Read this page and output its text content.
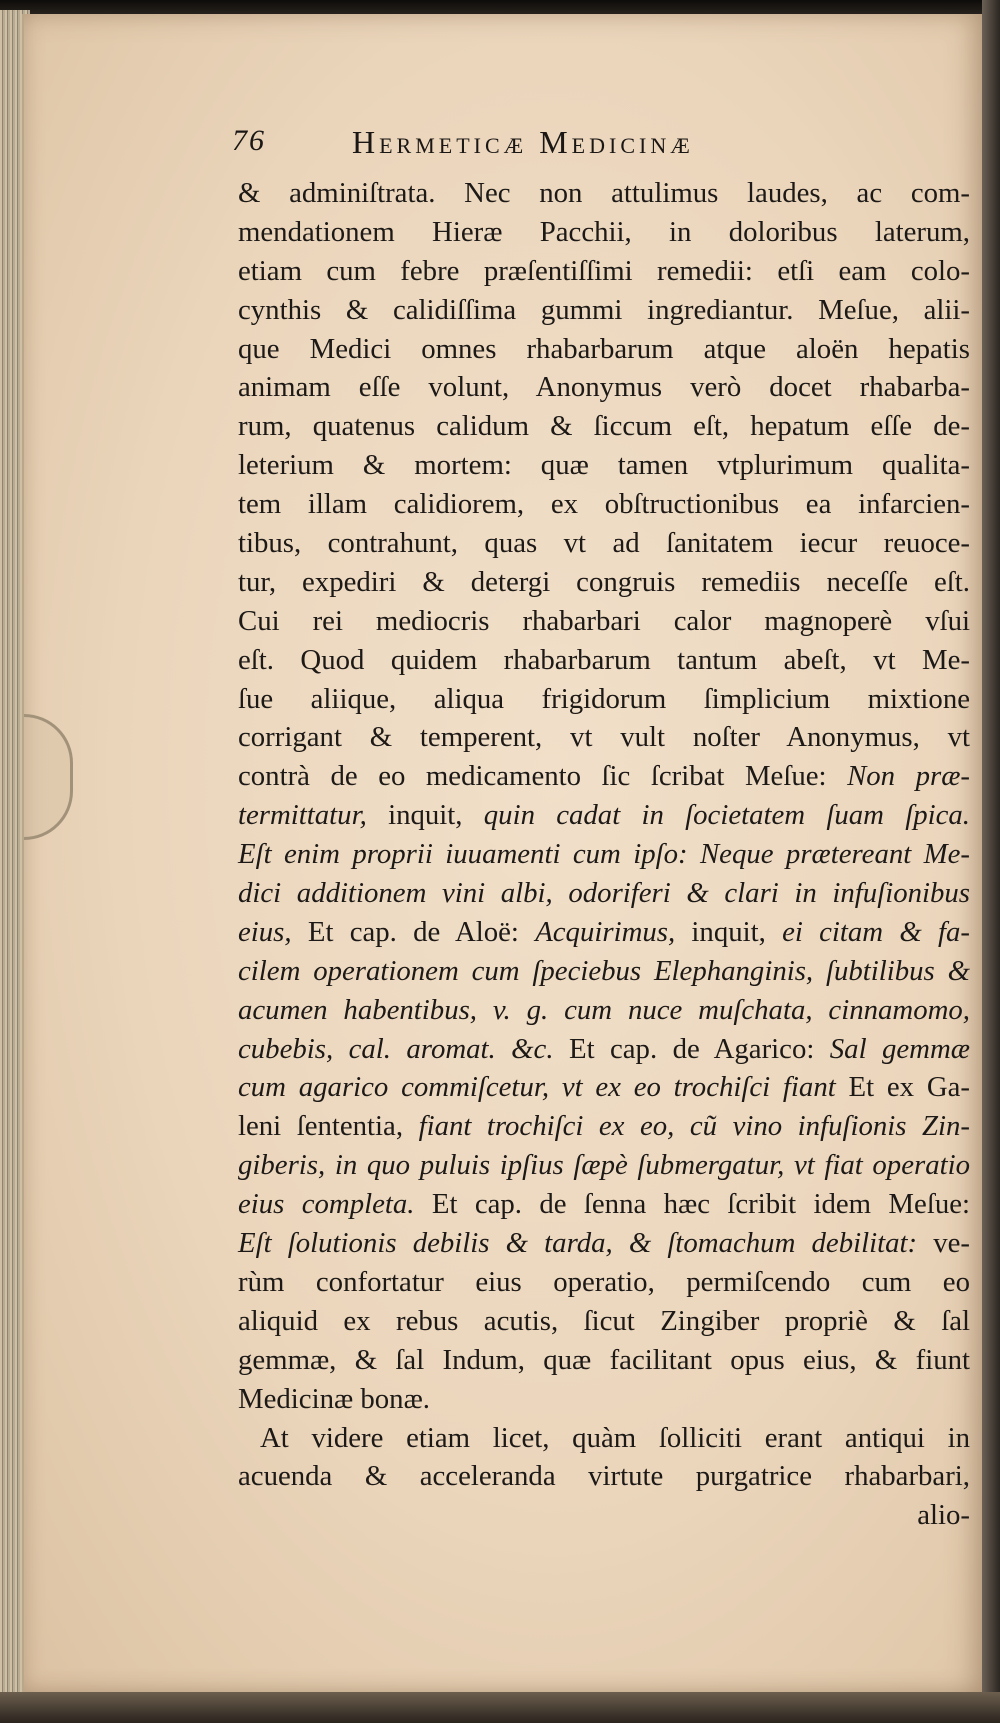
76	Hermeticæ Medicinæ
& adminiſtrata. Nec non attulimus laudes, ac com-
mendationem Hieræ Pacchii, in doloribus laterum,
etiam cum febre præſentiſſimi remedii: etſi eam colo-
cynthis & calidiſſima gummi ingrediantur. Meſue, alii-
que Medici omnes rhabarbarum atque aloën hepatis
animam eſſe volunt, Anonymus verò docet rhabarba-
rum, quatenus calidum & ſiccum eſt, hepatum eſſe de-
leterium & mortem: quæ tamen vtplurimum qualita-
tem illam calidiorem, ex obſtructionibus ea infarcien-
tibus, contrahunt, quas vt ad ſanitatem iecur reuoce-
tur, expediri & detergi congruis remediis neceſſe eſt.
Cui rei mediocris rhabarbari calor magnoperè vſui
eſt. Quod quidem rhabarbarum tantum abeſt, vt Me-
ſue aliique, aliqua frigidorum ſimplicium mixtione
corrigant & temperent, vt vult noſter Anonymus, vt
contrà de eo medicamento ſic ſcribat Meſue: Non præ-
termittatur, inquit, quin cadat in ſocietatem ſuam ſpica.
Eſt enim proprii iuuamenti cum ipſo: Neque prætereant Me-
dici additionem vini albi, odoriferi & clari in infuſionibus
eius, Et cap. de Aloë: Acquirimus, inquit, ei citam & fa-
cilem operationem cum ſpeciebus Elephanginis, ſubtilibus &
acumen habentibus, v. g. cum nuce muſchata, cinnamomo,
cubebis, cal. aromat. &c. Et cap. de Agarico: Sal gemmæ
cum agarico commiſcetur, vt ex eo trochiſci fiant Et ex Ga-
leni ſententia, fiant trochiſci ex eo, cũ vino infuſionis Zin-
giberis, in quo puluis ipſius ſæpè ſubmergatur, vt fiat operatio
eius completa. Et cap. de ſenna hæc ſcribit idem Meſue:
Eſt ſolutionis debilis & tarda, & ſtomachum debilitat: ve-
rùm confortatur eius operatio, permiſcendo cum eo
aliquid ex rebus acutis, ſicut Zingiber propriè & ſal
gemmæ, & ſal Indum, quæ facilitant opus eius, & fiunt
Medicinæ bonæ.
At videre etiam licet, quàm ſolliciti erant antiqui in
acuenda & acceleranda virtute purgatrice rhabarbari,
alio-
